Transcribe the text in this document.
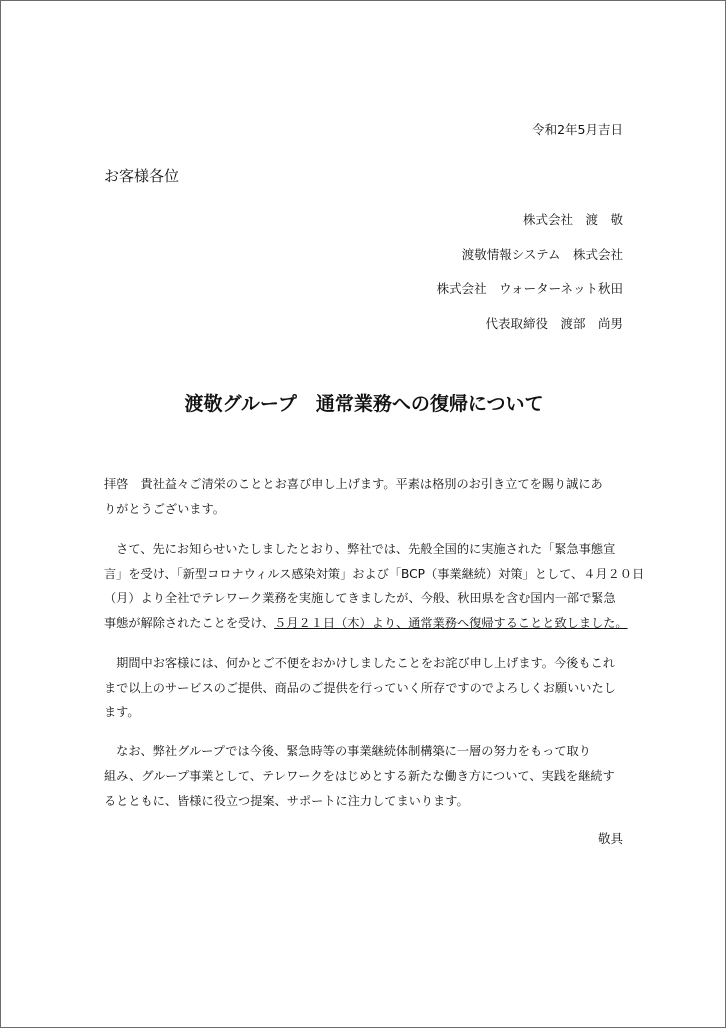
令和2年5月吉日
お客様各位
株式会社　渡　敬
渡敬情報システム　株式会社
株式会社　ウォーターネット秋田
代表取締役　渡部　尚男
渡敬グループ　通常業務への復帰について
拝啓　貴社益々ご清栄のこととお喜び申し上げます。平素は格別のお引き立てを賜り誠にあ
りがとうございます。
　さて、先にお知らせいたしましたとおり、弊社では、先般全国的に実施された「緊急事態宣
言」を受け、「新型コロナウィルス感染対策」および「BCP（事業継続）対策」として、４月２０日
（月）より全社でテレワーク業務を実施してきましたが、今般、秋田県を含む国内一部で緊急
事態が解除されたことを受け、５月２１日（木）より、通常業務へ復帰することと致しました。
　期間中お客様には、何かとご不便をおかけしましたことをお詫び申し上げます。今後もこれ
まで以上のサービスのご提供、商品のご提供を行っていく所存ですのでよろしくお願いいたし
ます。
　なお、弊社グループでは今後、緊急時等の事業継続体制構築に一層の努力をもって取り
組み、グループ事業として、テレワークをはじめとする新たな働き方について、実践を継続す
るとともに、皆様に役立つ提案、サポートに注力してまいります。
敬具
